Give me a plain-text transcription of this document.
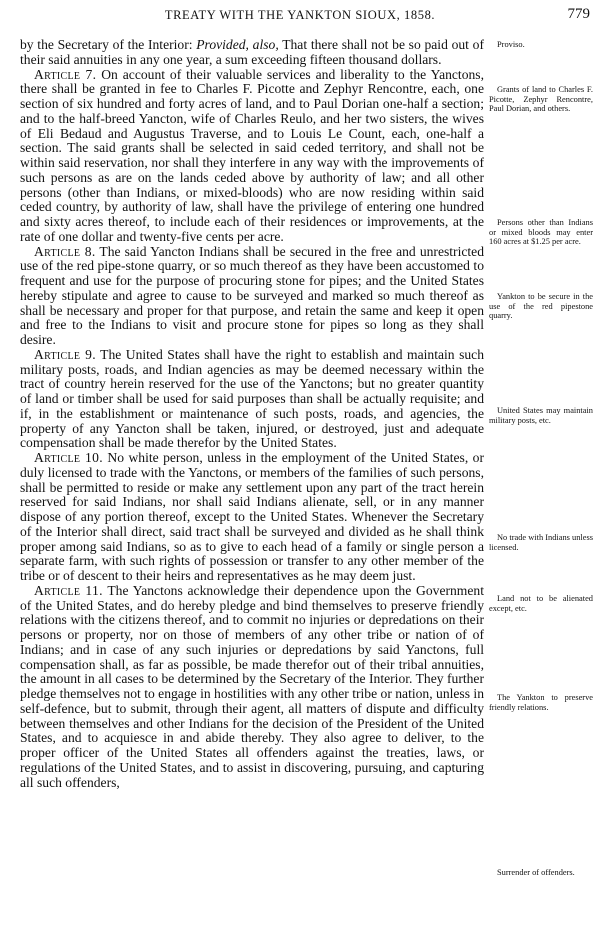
TREATY WITH THE YANKTON SIOUX, 1858.	779

by the Secretary of the Interior: Provided, also, That there shall not be so paid out of their said annuities in any one year, a sum exceeding fifteen thousand dollars.

Article 7. On account of their valuable services and liberality to the Yanctons, there shall be granted in fee to Charles F. Picotte and Zephyr Rencontre, each, one section of six hundred and forty acres of land, and to Paul Dorian one-half a section; and to the half-breed Yancton, wife of Charles Reulo, and her two sisters, the wives of Eli Bedaud and Augustus Traverse, and to Louis Le Count, each, one-half a section. The said grants shall be selected in said ceded territory, and shall not be within said reservation, nor shall they interfere in any way with the improvements of such persons as are on the lands ceded above by authority of law; and all other persons (other than Indians, or mixed-bloods) who are now residing within said ceded country, by authority of law, shall have the privilege of entering one hundred and sixty acres thereof, to include each of their residences or improvements, at the rate of one dollar and twenty-five cents per acre.

Article 8. The said Yancton Indians shall be secured in the free and unrestricted use of the red pipe-stone quarry, or so much thereof as they have been accustomed to frequent and use for the purpose of procuring stone for pipes; and the United States hereby stipulate and agree to cause to be surveyed and marked so much thereof as shall be necessary and proper for that purpose, and retain the same and keep it open and free to the Indians to visit and procure stone for pipes so long as they shall desire.

Article 9. The United States shall have the right to establish and maintain such military posts, roads, and Indian agencies as may be deemed necessary within the tract of country herein reserved for the use of the Yanctons; but no greater quantity of land or timber shall be used for said purposes than shall be actually requisite; and if, in the establishment or maintenance of such posts, roads, and agencies, the property of any Yancton shall be taken, injured, or destroyed, just and adequate compensation shall be made therefor by the United States.

Article 10. No white person, unless in the employment of the United States, or duly licensed to trade with the Yanctons, or members of the families of such persons, shall be permitted to reside or make any settlement upon any part of the tract herein reserved for said Indians, nor shall said Indians alienate, sell, or in any manner dispose of any portion thereof, except to the United States. Whenever the Secretary of the Interior shall direct, said tract shall be surveyed and divided as he shall think proper among said Indians, so as to give to each head of a family or single person a separate farm, with such rights of possession or transfer to any other member of the tribe or of descent to their heirs and representatives as he may deem just.

Article 11. The Yanctons acknowledge their dependence upon the Government of the United States, and do hereby pledge and bind themselves to preserve friendly relations with the citizens thereof, and to commit no injuries or depredations on their persons or property, nor on those of members of any other tribe or nation of of Indians; and in case of any such injuries or depredations by said Yanctons, full compensation shall, as far as possible, be made therefor out of their tribal annuities, the amount in all cases to be determined by the Secretary of the Interior. They further pledge themselves not to engage in hostilities with any other tribe or nation, unless in self-defence, but to submit, through their agent, all matters of dispute and difficulty between themselves and other Indians for the decision of the President of the United States, and to acquiesce in and abide thereby. They also agree to deliver, to the proper officer of the United States all offenders against the treaties, laws, or regulations of the United States, and to assist in discovering, pursuing, and capturing all such offenders,

Proviso.
Grants of land to Charles F. Picotte, Zephyr Rencontre, Paul Dorian, and others.
Persons other than Indians or mixed bloods may enter 160 acres at $1.25 per acre.
Yankton to be secure in the use of the red pipestone quarry.
United States may maintain military posts, etc.
No trade with Indians unless licensed.
Land not to be alienated except, etc.
The Yankton to preserve friendly relations.
Surrender of offenders.
